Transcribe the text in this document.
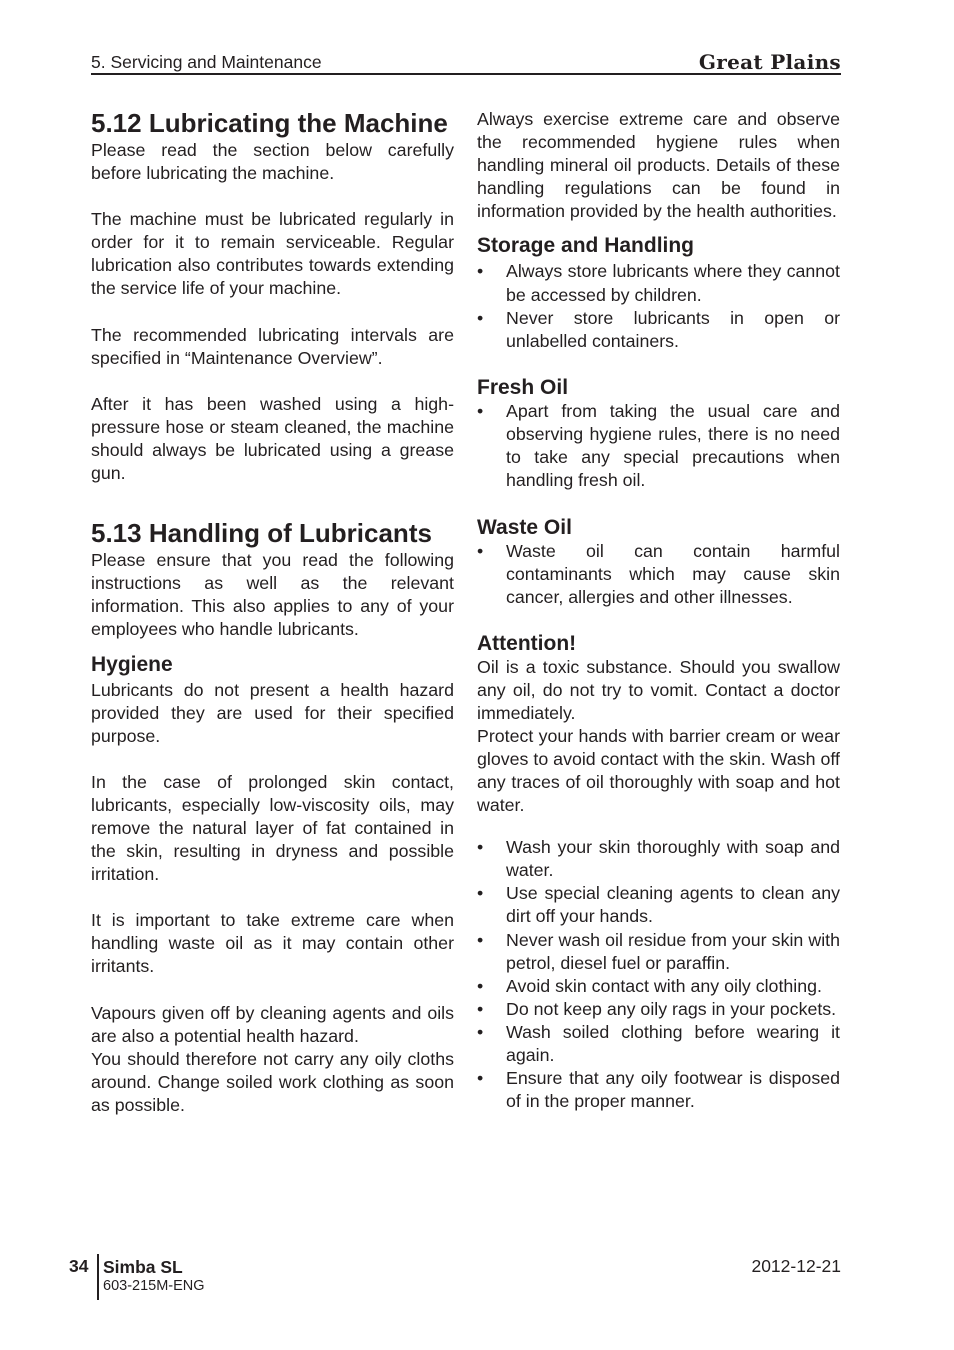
5. Servicing and Maintenance	Great Plains
5.12 Lubricating the Machine

Please read the section below carefully before lubricating the machine.

The machine must be lubricated regularly in order for it to remain serviceable. Regular lubrication also contributes towards extending the service life of your machine.

The recommended lubricating intervals are specified in “Maintenance Overview”.

After it has been washed using a high-pressure hose or steam cleaned, the machine should always be lubricated using a grease gun.

5.13 Handling of Lubricants

Please ensure that you read the following instructions as well as the relevant information. This also applies to any of your employees who handle lubricants.

Hygiene

Lubricants do not present a health hazard provided they are used for their specified purpose.

In the case of prolonged skin contact, lubricants, especially low-viscosity oils, may remove the natural layer of fat contained in the skin, resulting in dryness and possible irritation.

It is important to take extreme care when handling waste oil as it may contain other irritants.

Vapours given off by cleaning agents and oils are also a potential health hazard.

You should therefore not carry any oily cloths around. Change soiled work clothing as soon as possible.

Always exercise extreme care and observe the recommended hygiene rules when handling mineral oil products. Details of these handling regulations can be found in information provided by the health authorities.

Storage and Handling
•	Always store lubricants where they cannot be accessed by children.
•	Never store lubricants in open or unlabelled containers.
Fresh Oil
•	Apart from taking the usual care and observing hygiene rules, there is no need to take any special precautions when handling fresh oil.
Waste Oil
•	Waste oil can contain harmful contaminants which may cause skin cancer, allergies and other illnesses.
Attention!

Oil is a toxic substance. Should you swallow any oil, do not try to vomit. Contact a doctor immediately.

Protect your hands with barrier cream or wear gloves to avoid contact with the skin. Wash off any traces of oil thoroughly with soap and hot water.

•	Wash your skin thoroughly with soap and water.
•	Use special cleaning agents to clean any dirt off your hands.
•	Never wash oil residue from your skin with petrol, diesel fuel or paraffin.
•	Avoid skin contact with any oily clothing.
•	Do not keep any oily rags in your pockets.
•	Wash soiled clothing before wearing it again.
•	Ensure that any oily footwear is disposed of in the proper manner.
34 Simba SL
603-215M-ENG
2012-12-21
